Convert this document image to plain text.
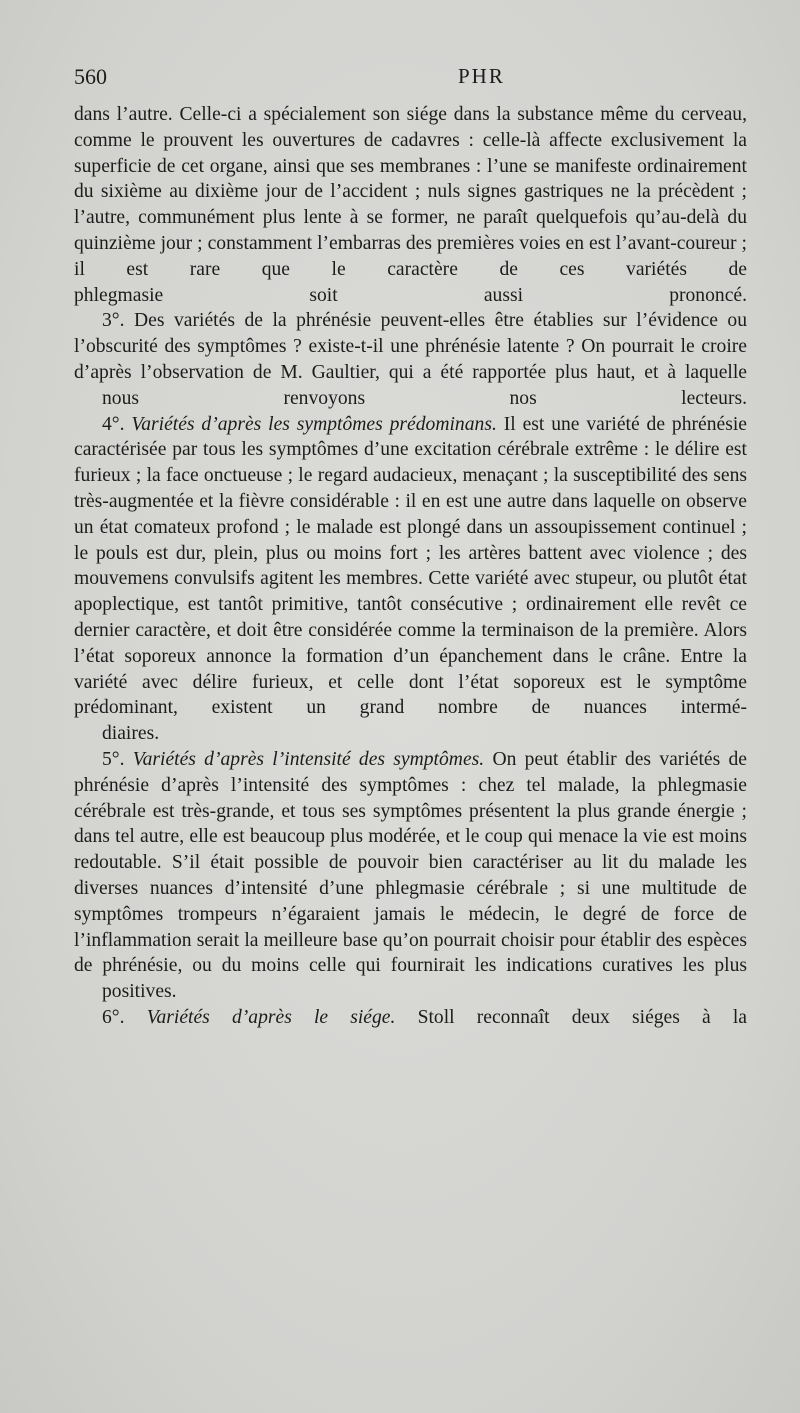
560	PHR

dans l’autre. Celle-ci a spécialement son siége dans la substance même du cerveau, comme le prouvent les ouvertures de cadavres : celle-là affecte exclusivement la superficie de cet organe, ainsi que ses membranes : l’une se manifeste ordinairement du sixième au dixième jour de l’accident ; nuls signes gastriques ne la précèdent ; l’autre, communément plus lente à se former, ne paraît quelquefois qu’au-delà du quinzième jour ; constamment l’embarras des premières voies en est l’avant-coureur ; il est rare que le caractère de ces variétés de
phlegmasie soit aussi prononcé.

3°. Des variétés de la phrénésie peuvent-elles être établies sur l’évidence ou l’obscurité des symptômes ? existe-t-il une phrénésie latente ? On pourrait le croire d’après l’observation de M. Gaultier, qui a été rapportée plus haut, et à laquelle
nous renvoyons nos lecteurs.

4°. Variétés d’après les symptômes prédominans. Il est une variété de phrénésie caractérisée par tous les symptômes d’une excitation cérébrale extrême : le délire est furieux ; la face onctueuse ; le regard audacieux, menaçant ; la susceptibilité des sens très-augmentée et la fièvre considérable : il en est une autre dans laquelle on observe un état comateux profond ; le malade est plongé dans un assoupissement continuel ; le pouls est dur, plein, plus ou moins fort ; les artères battent avec violence ; des mouvemens convulsifs agitent les membres. Cette variété avec stupeur, ou plutôt état apoplectique, est tantôt primitive, tantôt consécutive ; ordinairement elle revêt ce dernier caractère, et doit être considérée comme la terminaison de la première. Alors l’état soporeux annonce la formation d’un épanchement dans le crâne. Entre la variété avec délire furieux, et celle dont l’état soporeux est le symptôme prédominant, existent un grand nombre de nuances intermé-
diaires.

5°. Variétés d’après l’intensité des symptômes. On peut établir des variétés de phrénésie d’après l’intensité des symptômes : chez tel malade, la phlegmasie cérébrale est très-grande, et tous ses symptômes présentent la plus grande énergie ; dans tel autre, elle est beaucoup plus modérée, et le coup qui menace la vie est moins redoutable. S’il était possible de pouvoir bien caractériser au lit du malade les diverses nuances d’intensité d’une phlegmasie cérébrale ; si une multitude de symptômes trompeurs n’égaraient jamais le médecin, le degré de force de l’inflammation serait la meilleure base qu’on pourrait choisir pour établir des espèces de phrénésie, ou du moins celle qui fournirait les indications curatives les plus
positives.

6°. Variétés d’après le siége. Stoll reconnaît deux siéges à la
